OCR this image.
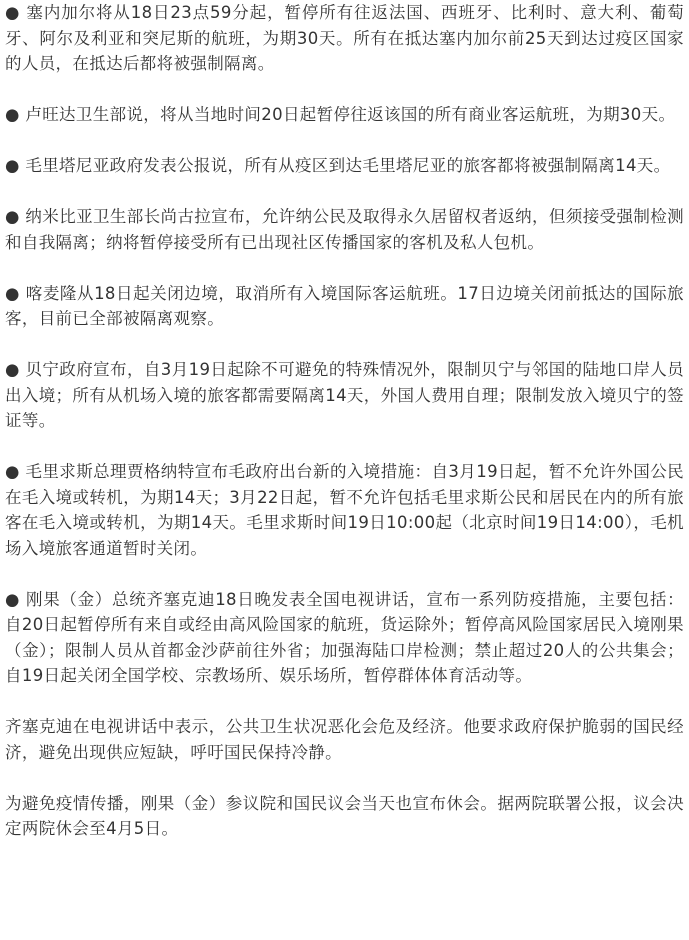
● 塞内加尔将从18日23点59分起，暂停所有往返法国、西班牙、比利时、意大利、葡萄牙、阿尔及利亚和突尼斯的航班，为期30天。所有在抵达塞内加尔前25天到达过疫区国家的人员，在抵达后都将被强制隔离。

● 卢旺达卫生部说，将从当地时间20日起暂停往返该国的所有商业客运航班，为期30天。

● 毛里塔尼亚政府发表公报说，所有从疫区到达毛里塔尼亚的旅客都将被强制隔离14天。

● 纳米比亚卫生部长尚古拉宣布，允许纳公民及取得永久居留权者返纳，但须接受强制检测和自我隔离；纳将暂停接受所有已出现社区传播国家的客机及私人包机。

● 喀麦隆从18日起关闭边境，取消所有入境国际客运航班。17日边境关闭前抵达的国际旅客，目前已全部被隔离观察。

● 贝宁政府宣布，自3月19日起除不可避免的特殊情况外，限制贝宁与邻国的陆地口岸人员出入境；所有从机场入境的旅客都需要隔离14天，外国人费用自理；限制发放入境贝宁的签证等。

● 毛里求斯总理贾格纳特宣布毛政府出台新的入境措施：自3月19日起，暂不允许外国公民在毛入境或转机，为期14天；3月22日起，暂不允许包括毛里求斯公民和居民在内的所有旅客在毛入境或转机，为期14天。毛里求斯时间19日10:00起（北京时间19日14:00），毛机场入境旅客通道暂时关闭。

● 刚果（金）总统齐塞克迪18日晚发表全国电视讲话，宣布一系列防疫措施，主要包括：自20日起暂停所有来自或经由高风险国家的航班，货运除外；暂停高风险国家居民入境刚果（金）；限制人员从首都金沙萨前往外省；加强海陆口岸检测；禁止超过20人的公共集会；自19日起关闭全国学校、宗教场所、娱乐场所，暂停群体体育活动等。

齐塞克迪在电视讲话中表示，公共卫生状况恶化会危及经济。他要求政府保护脆弱的国民经济，避免出现供应短缺，呼吁国民保持冷静。

为避免疫情传播，刚果（金）参议院和国民议会当天也宣布休会。据两院联署公报，议会决定两院休会至4月5日。
